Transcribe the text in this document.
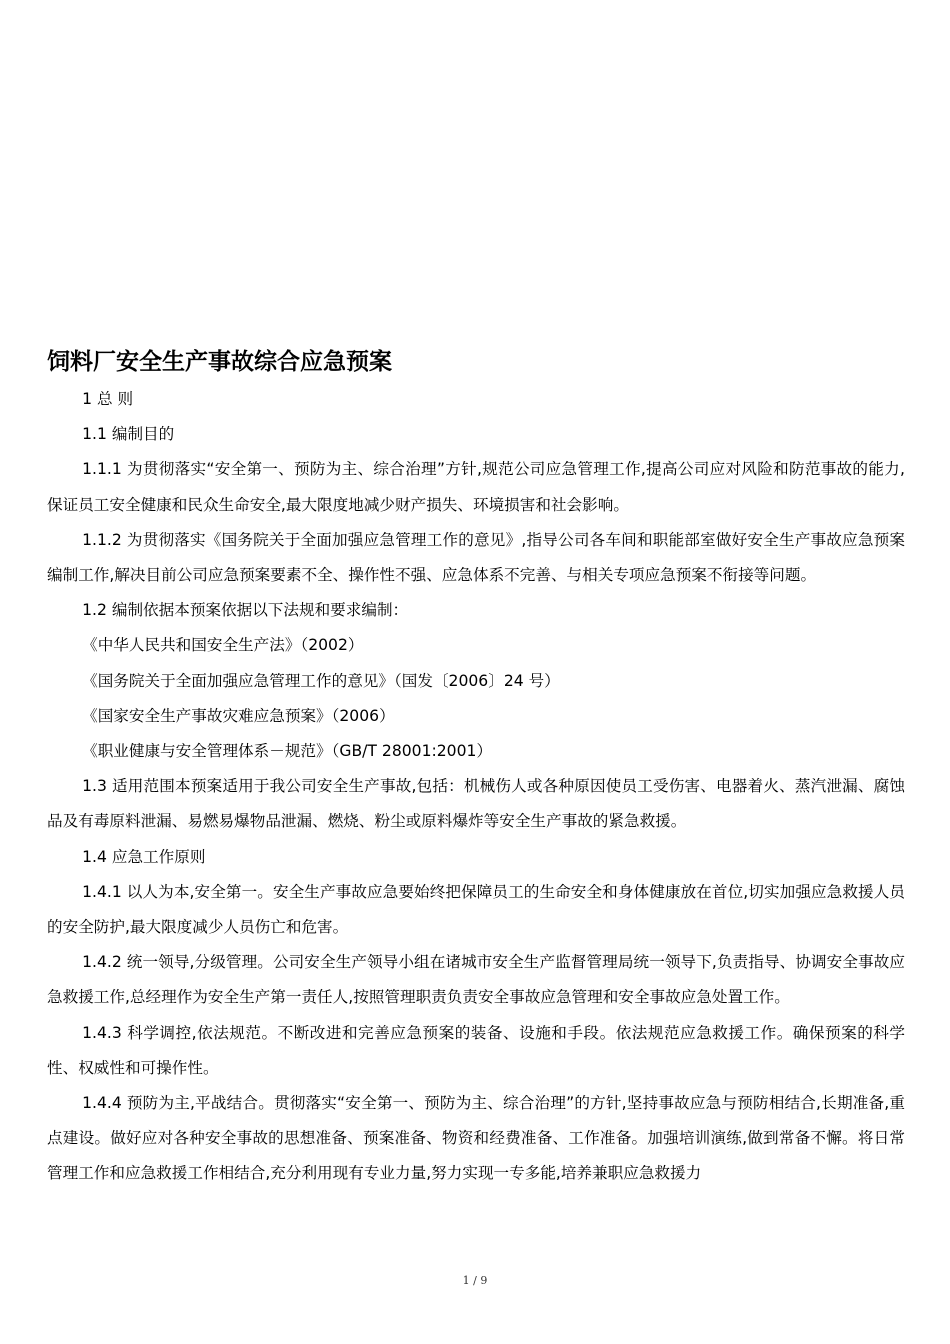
饲料厂安全生产事故综合应急预案

1 总 则

1.1 编制目的

1.1.1 为贯彻落实“安全第一、预防为主、综合治理”方针,规范公司应急管理工作,提高公司应对风险和防范事故的能力,保证员工安全健康和民众生命安全,最大限度地减少财产损失、环境损害和社会影响。

1.1.2 为贯彻落实《国务院关于全面加强应急管理工作的意见》,指导公司各车间和职能部室做好安全生产事故应急预案编制工作,解决目前公司应急预案要素不全、操作性不强、应急体系不完善、与相关专项应急预案不衔接等问题。

1.2 编制依据本预案依据以下法规和要求编制：

《中华人民共和国安全生产法》（2002）

《国务院关于全面加强应急管理工作的意见》（国发〔2006〕24 号）

《国家安全生产事故灾难应急预案》（2006）

《职业健康与安全管理体系－规范》（GB/T 28001:2001）

1.3 适用范围本预案适用于我公司安全生产事故,包括：机械伤人或各种原因使员工受伤害、电器着火、蒸汽泄漏、腐蚀品及有毒原料泄漏、易燃易爆物品泄漏、燃烧、粉尘或原料爆炸等安全生产事故的紧急救援。

1.4 应急工作原则

1.4.1 以人为本,安全第一。安全生产事故应急要始终把保障员工的生命安全和身体健康放在首位,切实加强应急救援人员的安全防护,最大限度减少人员伤亡和危害。

1.4.2 统一领导,分级管理。公司安全生产领导小组在诸城市安全生产监督管理局统一领导下,负责指导、协调安全事故应急救援工作,总经理作为安全生产第一责任人,按照管理职责负责安全事故应急管理和安全事故应急处置工作。

1.4.3 科学调控,依法规范。不断改进和完善应急预案的装备、设施和手段。依法规范应急救援工作。确保预案的科学性、权威性和可操作性。

1.4.4 预防为主,平战结合。贯彻落实“安全第一、预防为主、综合治理”的方针,坚持事故应急与预防相结合,长期准备,重点建设。做好应对各种安全事故的思想准备、预案准备、物资和经费准备、工作准备。加强培训演练,做到常备不懈。将日常管理工作和应急救援工作相结合,充分利用现有专业力量,努力实现一专多能,培养兼职应急救援力

1 / 9
